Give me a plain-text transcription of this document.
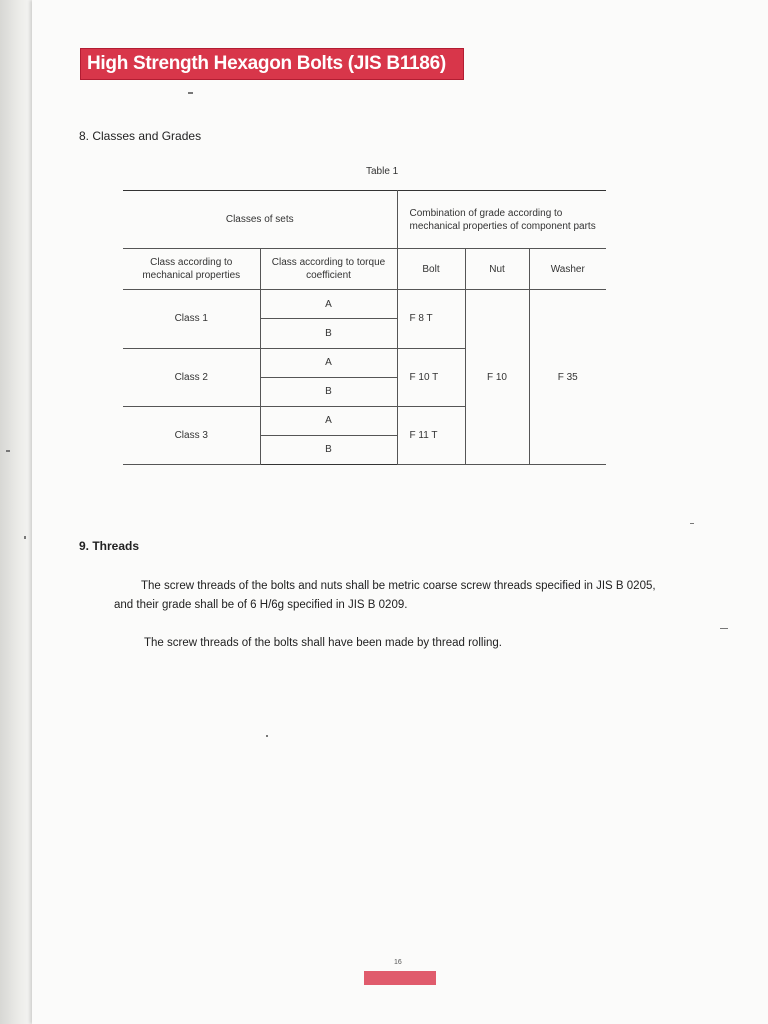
High Strength Hexagon Bolts (JIS B1186)
8. Classes and Grades
Table 1
Classes of sets		Combination of grade according to mechanical properties of component parts		
Class according to mechanical properties	Class according to torque coefficient	Bolt	Nut	Washer
Class 1	A	F 8 T	F 10	F 35
	B			
Class 2	A	F 10 T		
	B			
Class 3	A	F 11 T		
	B			
9. Threads
The screw threads of the bolts and nuts shall be metric coarse screw threads specified in JIS B 0205,
and their grade shall be of 6 H/6g specified in JIS B 0209.
The screw threads of the bolts shall have been made by thread rolling.
16
